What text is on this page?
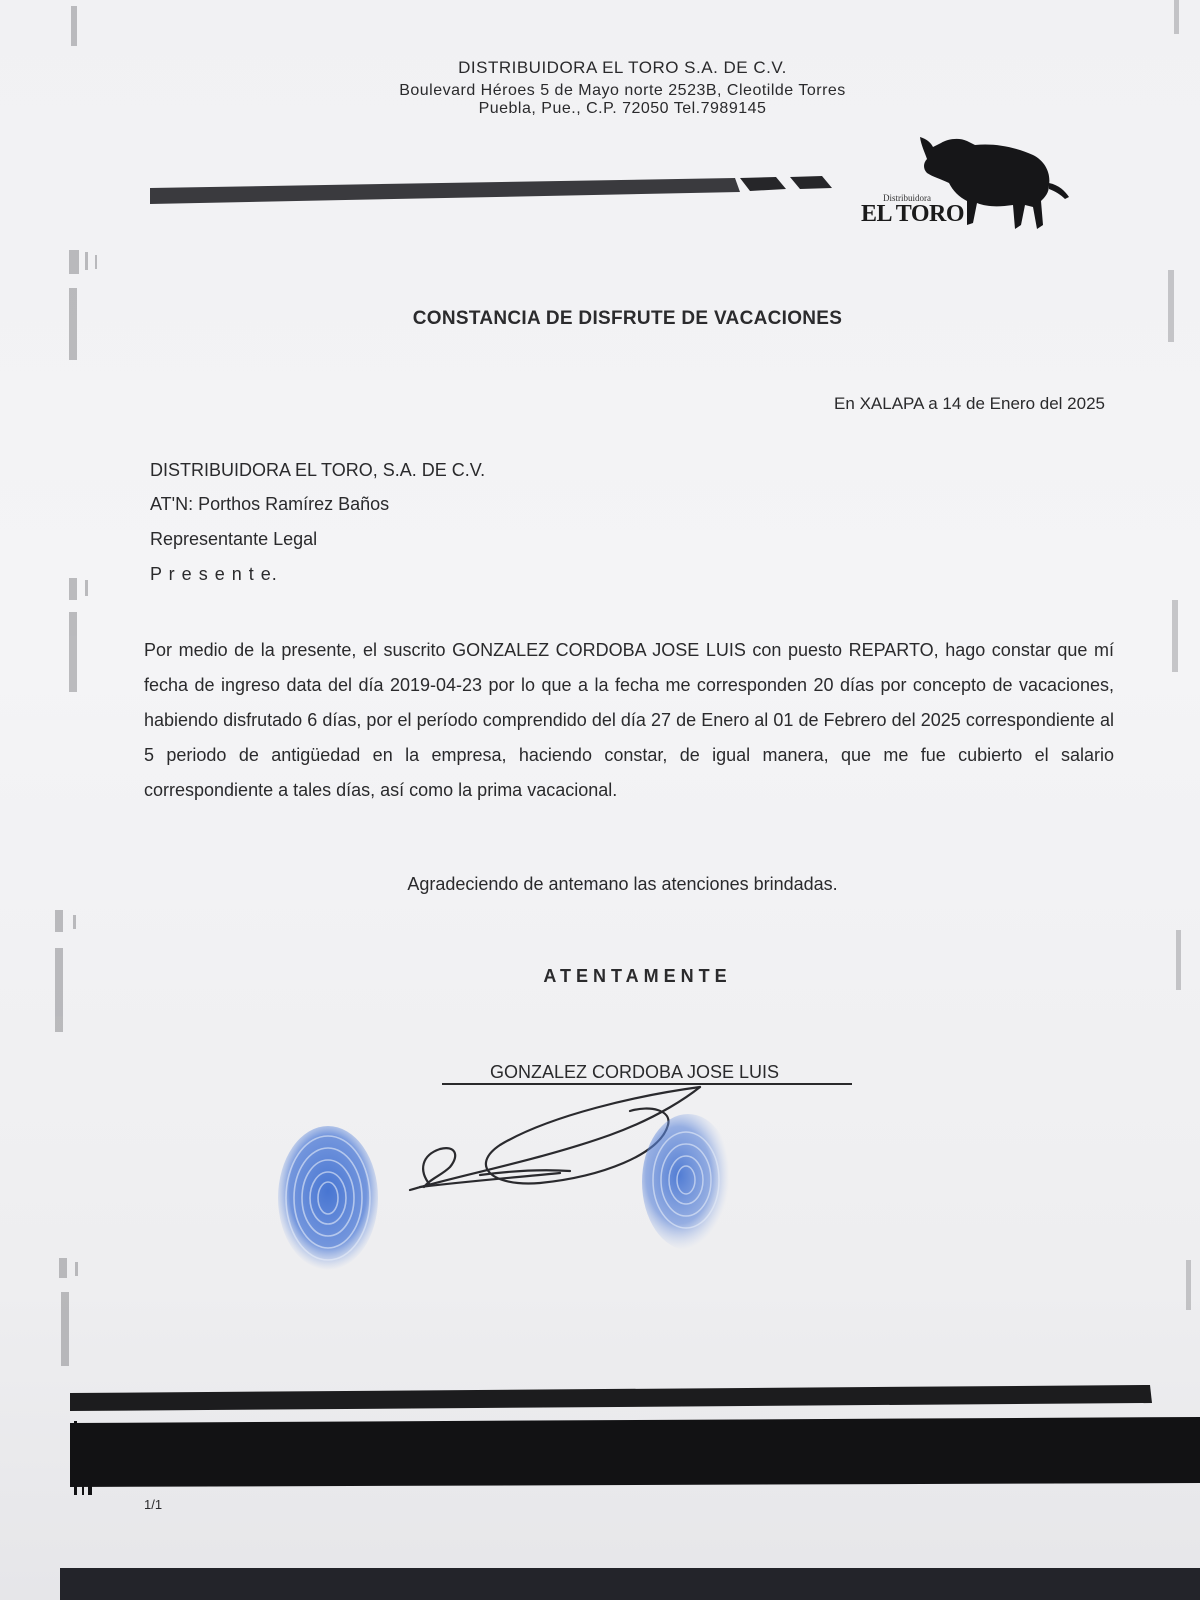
DISTRIBUIDORA EL TORO S.A. DE C.V.
Boulevard Héroes 5 de Mayo norte 2523B, Cleotilde Torres
Puebla, Pue., C.P. 72050 Tel.7989145
Distribuidora
EL TORO
CONSTANCIA DE DISFRUTE DE VACACIONES
En XALAPA a 14 de Enero del 2025
DISTRIBUIDORA EL TORO, S.A. DE C.V.
AT'N: Porthos Ramírez Baños
Representante Legal
P r e s e n t e.
Por medio de la presente, el suscrito GONZALEZ CORDOBA JOSE LUIS con puesto REPARTO, hago constar que mí fecha de ingreso data del día 2019-04-23 por lo que a la fecha me corresponden 20 días por concepto de vacaciones, habiendo disfrutado 6 días, por el período comprendido del día 27 de Enero al 01 de Febrero del 2025 correspondiente al 5 periodo de antigüedad en la empresa, haciendo constar, de igual manera, que me fue cubierto el salario correspondiente a tales días, así como la prima vacacional.
Agradeciendo de antemano las atenciones brindadas.
ATENTAMENTE
GONZALEZ CORDOBA JOSE LUIS
1/1
